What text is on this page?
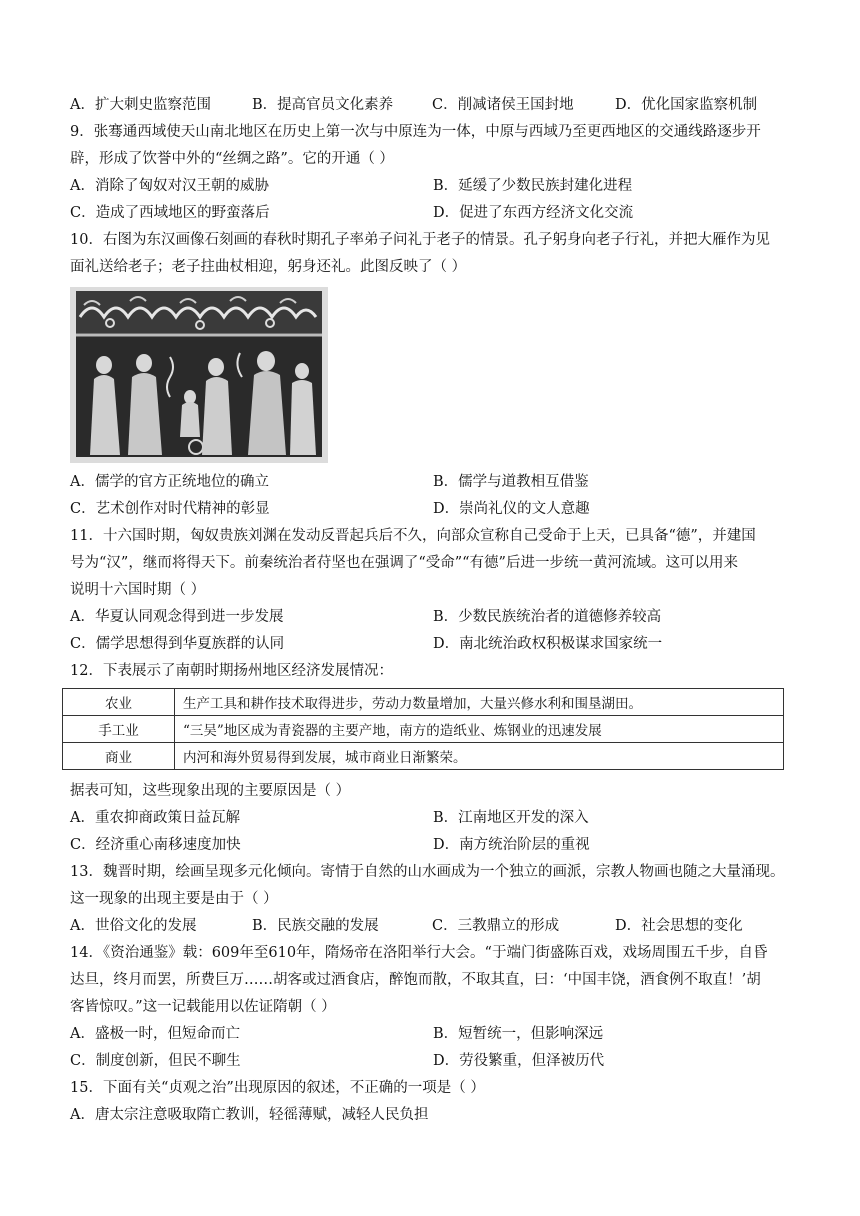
A．扩大刺史监察范围	B．提高官员文化素养	C．削减诸侯王国封地	D．优化国家监察机制
9．张骞通西域使天山南北地区在历史上第一次与中原连为一体，中原与西域乃至更西地区的交通线路逐步开
辟，形成了饮誉中外的“丝绸之路”。它的开通（ ）
A．消除了匈奴对汉王朝的威胁	B．延缓了少数民族封建化进程
C．造成了西域地区的野蛮落后	D．促进了东西方经济文化交流
10．右图为东汉画像石刻画的春秋时期孔子率弟子问礼于老子的情景。孔子躬身向老子行礼，并把大雁作为见
面礼送给老子；老子拄曲杖相迎，躬身还礼。此图反映了（ ）
A．儒学的官方正统地位的确立	B．儒学与道教相互借鉴
C．艺术创作对时代精神的彰显	D．崇尚礼仪的文人意趣
11．十六国时期，匈奴贵族刘渊在发动反晋起兵后不久，向部众宣称自己受命于上天，已具备“德”，并建国
号为“汉”，继而将得天下。前秦统治者苻坚也在强调了“受命”“有德”后进一步统一黄河流域。这可以用来
说明十六国时期（ ）
A．华夏认同观念得到进一步发展	B．少数民族统治者的道德修养较高
C．儒学思想得到华夏族群的认同	D．南北统治政权积极谋求国家统一
12．下表展示了南朝时期扬州地区经济发展情况：
农业	生产工具和耕作技术取得进步，劳动力数量增加，大量兴修水利和围垦湖田。
手工业	“三吴”地区成为青瓷器的主要产地，南方的造纸业、炼钢业的迅速发展
商业	内河和海外贸易得到发展，城市商业日渐繁荣。
据表可知，这些现象出现的主要原因是（ ）
A．重农抑商政策日益瓦解	B．江南地区开发的深入
C．经济重心南移速度加快	D．南方统治阶层的重视
13．魏晋时期，绘画呈现多元化倾向。寄情于自然的山水画成为一个独立的画派，宗教人物画也随之大量涌现。
这一现象的出现主要是由于（ ）
A．世俗文化的发展	B．民族交融的发展	C．三教鼎立的形成	D．社会思想的变化
14．《资治通鉴》载：609年至610年，隋炀帝在洛阳举行大会。“于端门街盛陈百戏，戏场周围五千步，自昏
达旦，终月而罢，所费巨万……胡客或过酒食店，醉饱而散，不取其直，曰：‘中国丰饶，酒食例不取直！’胡
客皆惊叹。”这一记载能用以佐证隋朝（ ）
A．盛极一时，但短命而亡	B．短暂统一，但影响深远
C．制度创新，但民不聊生	D．劳役繁重，但泽被历代
15．下面有关“贞观之治”出现原因的叙述，不正确的一项是（ ）
A．唐太宗注意吸取隋亡教训，轻徭薄赋，减轻人民负担
